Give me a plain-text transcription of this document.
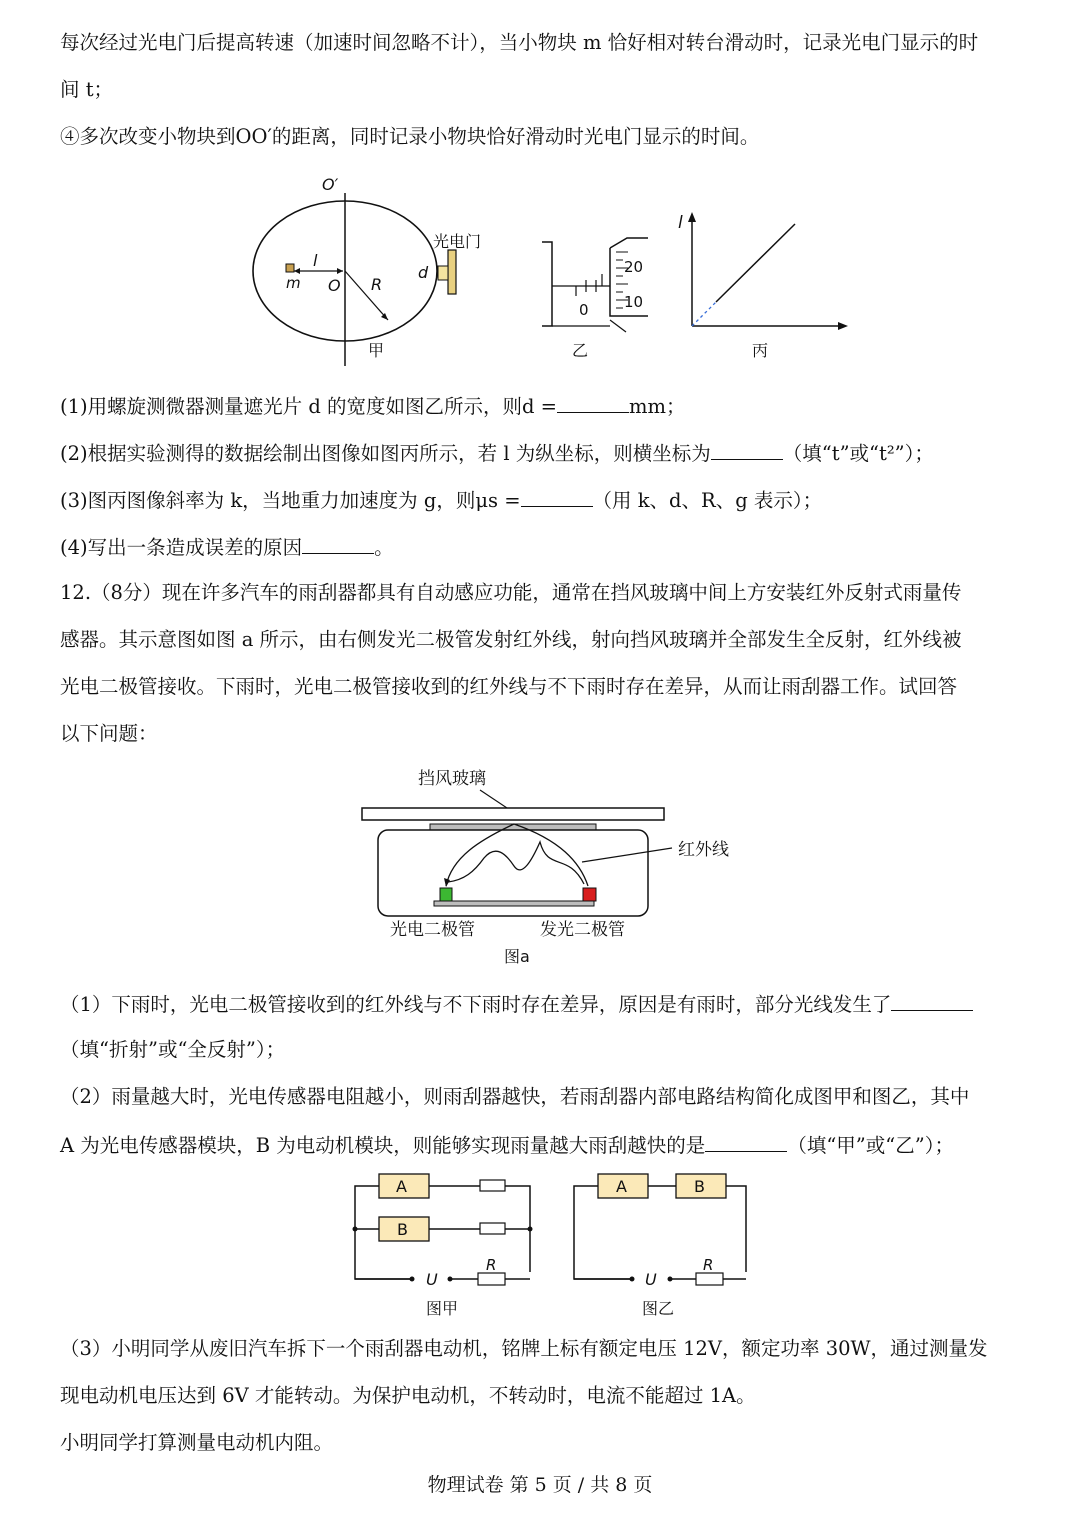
每次经过光电门后提高转速（加速时间忽略不计），当小物块 m 恰好相对转台滑动时，记录光电门显示的时
间 t；
④多次改变小物块到OO′的距离，同时记录小物块恰好滑动时光电门显示的时间。
O′
l
m O R
d
光电门
甲
20
10
0
乙
l
丙
(1)用螺旋测微器测量遮光片 d 的宽度如图乙所示，则d =	mm；
(2)根据实验测得的数据绘制出图像如图丙所示，若 l 为纵坐标，则横坐标为	（填“t”或“t²”）；
(3)图丙图像斜率为 k，当地重力加速度为 g，则μs =	（用 k、d、R、g 表示）；
(4)写出一条造成误差的原因	。
12.（8分）现在许多汽车的雨刮器都具有自动感应功能，通常在挡风玻璃中间上方安装红外反射式雨量传
感器。其示意图如图 a 所示，由右侧发光二极管发射红外线，射向挡风玻璃并全部发生全反射，红外线被
光电二极管接收。下雨时，光电二极管接收到的红外线与不下雨时存在差异，从而让雨刮器工作。试回答
以下问题：
挡风玻璃
红外线
光电二极管	发光二极管
图a
（1）下雨时，光电二极管接收到的红外线与不下雨时存在差异，原因是有雨时，部分光线发生了
（填“折射”或“全反射”）；
（2）雨量越大时，光电传感器电阻越小，则雨刮器越快，若雨刮器内部电路结构简化成图甲和图乙，其中
A 为光电传感器模块，B 为电动机模块，则能够实现雨量越大雨刮越快的是	（填“甲”或“乙”）；
A
B
U
R
图甲
A	B
U
R
图乙
（3）小明同学从废旧汽车拆下一个雨刮器电动机，铭牌上标有额定电压 12V，额定功率 30W，通过测量发
现电动机电压达到 6V 才能转动。为保护电动机，不转动时，电流不能超过 1A。
小明同学打算测量电动机内阻。
物理试卷 第 5 页 / 共 8 页
